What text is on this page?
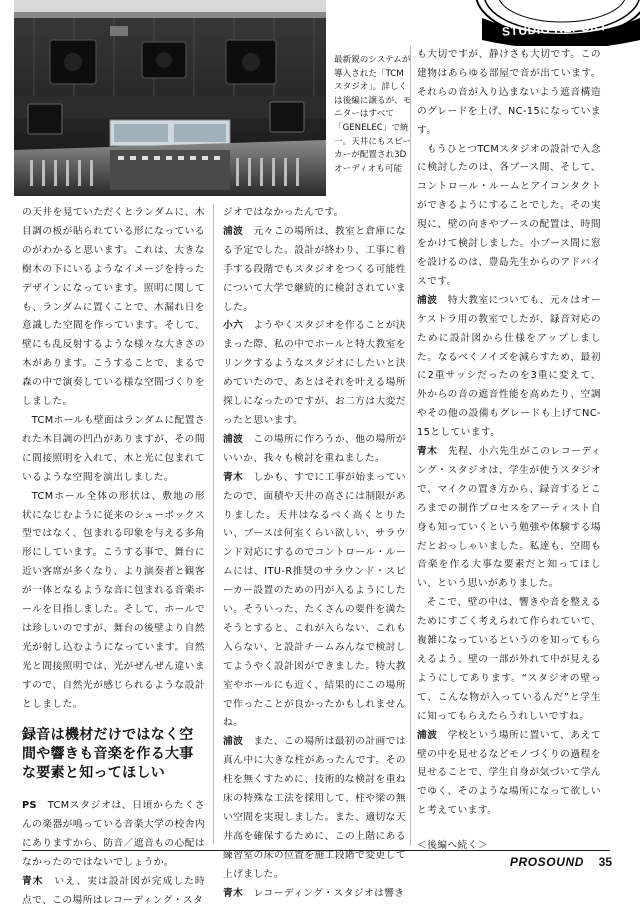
最新鋭のシステムが導入された「TCMスタジオ」。詳しくは後編に譲るが、モニターはすべて「GENELEC」で統一。天井にもスピーカーが配置され3Dオーディオも可能
STUDIO REPORT

の天井を見ていただくとランダムに、木目調の板が貼られている形になっているのがわかると思います。これは、大きな樹木の下にいるようなイメージを持ったデザインになっています。照明に関しても、ランダムに置くことで、木漏れ日を意識した空間を作っています。そして、壁にも乱反射するような様々な大きさの木があります。こうすることで、まるで森の中で演奏している様な空間づくりをしました。

TCMホールも壁面はランダムに配置された木目調の凹凸がありますが、その間に間接照明を入れて、木と光に包まれているような空間を演出しました。

TCMホール全体の形状は、敷地の形状になじむように従来のシューボックス型ではなく、包まれる印象を与える多角形にしています。こうする事で、舞台に近い客席が多くなり、より演奏者と観客が一体となるような音に包まれる音楽ホールを目指しました。そして、ホールでは珍しいのですが、舞台の後壁より自然光が射し込むようになっています。自然光と間接照明では、光がぜんぜん違いますので、自然光が感じられるような設計としました。

録音は機材だけではなく空間や響きも音楽を作る大事な要素と知ってほしい

PS　 TCMスタジオは、日頃からたくさんの楽器が鳴っている音楽大学の校舎内にありますから、防音／遮音もの心配はなかったのではないでしょうか。

青木　 いえ、実は設計図が完成した時点で、この場所はレコーディング・スタ

ジオではなかったんです。

浦波　 元々この場所は、教室と倉庫になる予定でした。設計が終わり、工事に着手する段階でもスタジオをつくる可能性について大学で継続的に検討されていました。

小六　 ようやくスタジオを作ることが決まった際、私の中でホールと特大教室をリンクするようなスタジオにしたいと決めていたので、あとはそれを叶える場所探しになったのですが、お二方は大変だったと思います。

浦波　 この場所に作ろうか、他の場所がいいか、我々も検討を重ねました。

青木　 しかも、すでに工事が始まっていたので、面積や天井の高さには制限がありました。天井はなるべく高くとりたい、ブースは何室くらい欲しい、サラウンド対応にするのでコントロール・ルームには、ITU-R推奨のサラウンド・スピーカー設置のための円が入るようにしたい。そういった、たくさんの要件を満たそうとすると、これが入らない、これも入らない、と設計チームみんなで検討してようやく設計図ができました。特大教室やホールにも近く、結果的にこの場所で作ったことが良かったかもしれませんね。

浦波　 また、この場所は最初の計画では真ん中に大きな柱があったんです。その柱を無くすために、技術的な検討を重ね床の特殊な工法を採用して、柱や梁の無い空間を実現しました。また、適切な天井高を確保するために、この上階にある練習室の床の位置を施工段階で変更して上げました。

青木　 レコーディング・スタジオは響き

も大切ですが、静けさも大切です。この建物はあらゆる部屋で音が出ています。それらの音が入り込まないよう遮音構造のグレードを上げ、NC-15になっています。

もうひとつTCMスタジオの設計で入念に検討したのは、各ブース間、そして、コントロール・ルームとアイコンタクトができるようにすることでした。その実現に、壁の向きやブースの配置は、時間をかけて検討しました。小ブース間に窓を設けるのは、豊島先生からのアドバイスです。

浦波　 特大教室についても、元々はオーケストラ用の教室でしたが、録音対応のために設計図から仕様をアップしました。なるべくノイズを減らすため、最初に2重サッシだったのを3重に変えて、外からの音の遮音性能を高めたり、空調やその他の設備もグレードも上げてNC-15としています。

青木　 先程、小六先生がこのレコーディング・スタジオは、学生が使うスタジオで、マイクの置き方から、録音するところまでの制作プロセスをアーティスト自身も知っていくという勉強や体験する場だとおっしゃいました。私達も、空間も音楽を作る大事な要素だと知ってほしい、という思いがありました。

そこで、壁の中は、響きや音を整えるためにすごく考えられて作られていて、複雑になっているというのを知ってもらえるよう、壁の一部が外れて中が見えるようにしてあります。“スタジオの壁って、こんな物が入っているんだ”と学生に知ってもらえたらうれしいですね。

浦波　 学校という場所に置いて、あえて壁の中を見せるなどモノづくりの過程を見せることで、学生自身が気づいて学んでゆく、そのような場所になって欲しいと考えています。

＜後編へ続く＞

PROSOUND 35
